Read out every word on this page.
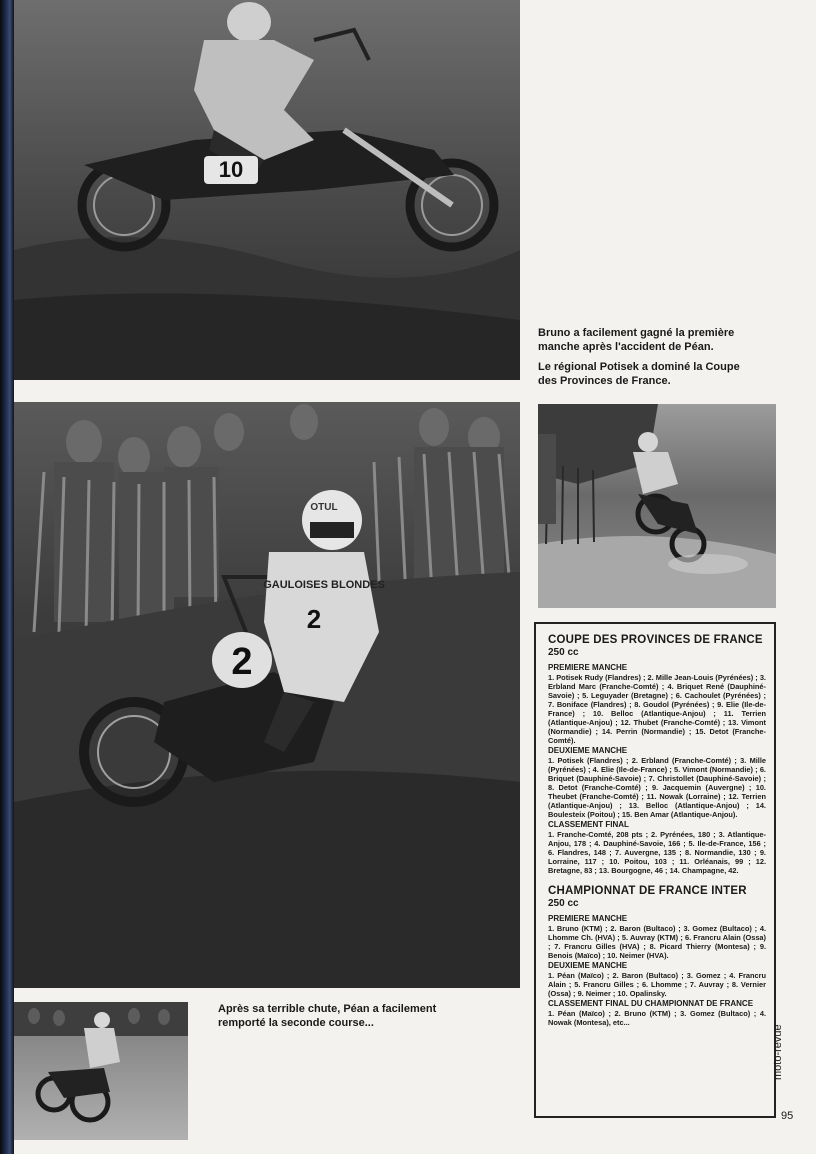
10
Bruno a facilement gagné la première manche après l'accident de Péan.
Le régional Potisek a dominé la Coupe des Provinces de France.
2
GAULOISES BLONDES
2
OTUL
COUPE DES PROVINCES DE FRANCE
250 cc
PREMIERE MANCHE
1. Potisek Rudy (Flandres) ; 2. Mille Jean-Louis (Pyrénées) ; 3. Erbland Marc (Franche-Comté) ; 4. Briquet René (Dauphiné-Savoie) ; 5. Leguyader (Bretagne) ; 6. Cachoulet (Pyrénées) ; 7. Boniface (Flandres) ; 8. Goudol (Pyrénées) ; 9. Elie (Ile-de-France) ; 10. Belloc (Atlantique-Anjou) ; 11. Terrien (Atlantique-Anjou) ; 12. Thubet (Franche-Comté) ; 13. Vimont (Normandie) ; 14. Perrin (Normandie) ; 15. Detot (Franche-Comté).
DEUXIEME MANCHE
1. Potisek (Flandres) ; 2. Erbland (Franche-Comté) ; 3. Mille (Pyrénées) ; 4. Elie (Ile-de-France) ; 5. Vimont (Normandie) ; 6. Briquet (Dauphiné-Savoie) ; 7. Christollet (Dauphiné-Savoie) ; 8. Detot (Franche-Comté) ; 9. Jacquemin (Auvergne) ; 10. Theubet (Franche-Comté) ; 11. Nowak (Lorraine) ; 12. Terrien (Atlantique-Anjou) ; 13. Belloc (Atlantique-Anjou) ; 14. Boulesteix (Poitou) ; 15. Ben Amar (Atlantique-Anjou).
CLASSEMENT FINAL
1. Franche-Comté, 208 pts ; 2. Pyrénées, 180 ; 3. Atlantique-Anjou, 178 ; 4. Dauphiné-Savoie, 166 ; 5. Ile-de-France, 156 ; 6. Flandres, 148 ; 7. Auvergne, 135 ; 8. Normandie, 130 ; 9. Lorraine, 117 ; 10. Poitou, 103 ; 11. Orléanais, 99 ; 12. Bretagne, 83 ; 13. Bourgogne, 46 ; 14. Champagne, 42.
CHAMPIONNAT DE FRANCE INTER
250 cc
PREMIERE MANCHE
1. Bruno (KTM) ; 2. Baron (Bultaco) ; 3. Gomez (Bultaco) ; 4. Lhomme Ch. (HVA) ; 5. Auvray (KTM) ; 6. Francru Alain (Ossa) ; 7. Francru Gilles (HVA) ; 8. Picard Thierry (Montesa) ; 9. Benois (Maïco) ; 10. Neimer (HVA).
DEUXIEME MANCHE
1. Péan (Maïco) ; 2. Baron (Bultaco) ; 3. Gomez ; 4. Francru Alain ; 5. Francru Gilles ; 6. Lhomme ; 7. Auvray ; 8. Vernier (Ossa) ; 9. Neimer ; 10. Opalinsky.
CLASSEMENT FINAL DU CHAMPIONNAT DE FRANCE
1. Péan (Maïco) ; 2. Bruno (KTM) ; 3. Gomez (Bultaco) ; 4. Nowak (Montesa), etc...
Après sa terrible chute, Péan a facilement remporté la seconde course...
moto-revue
95
